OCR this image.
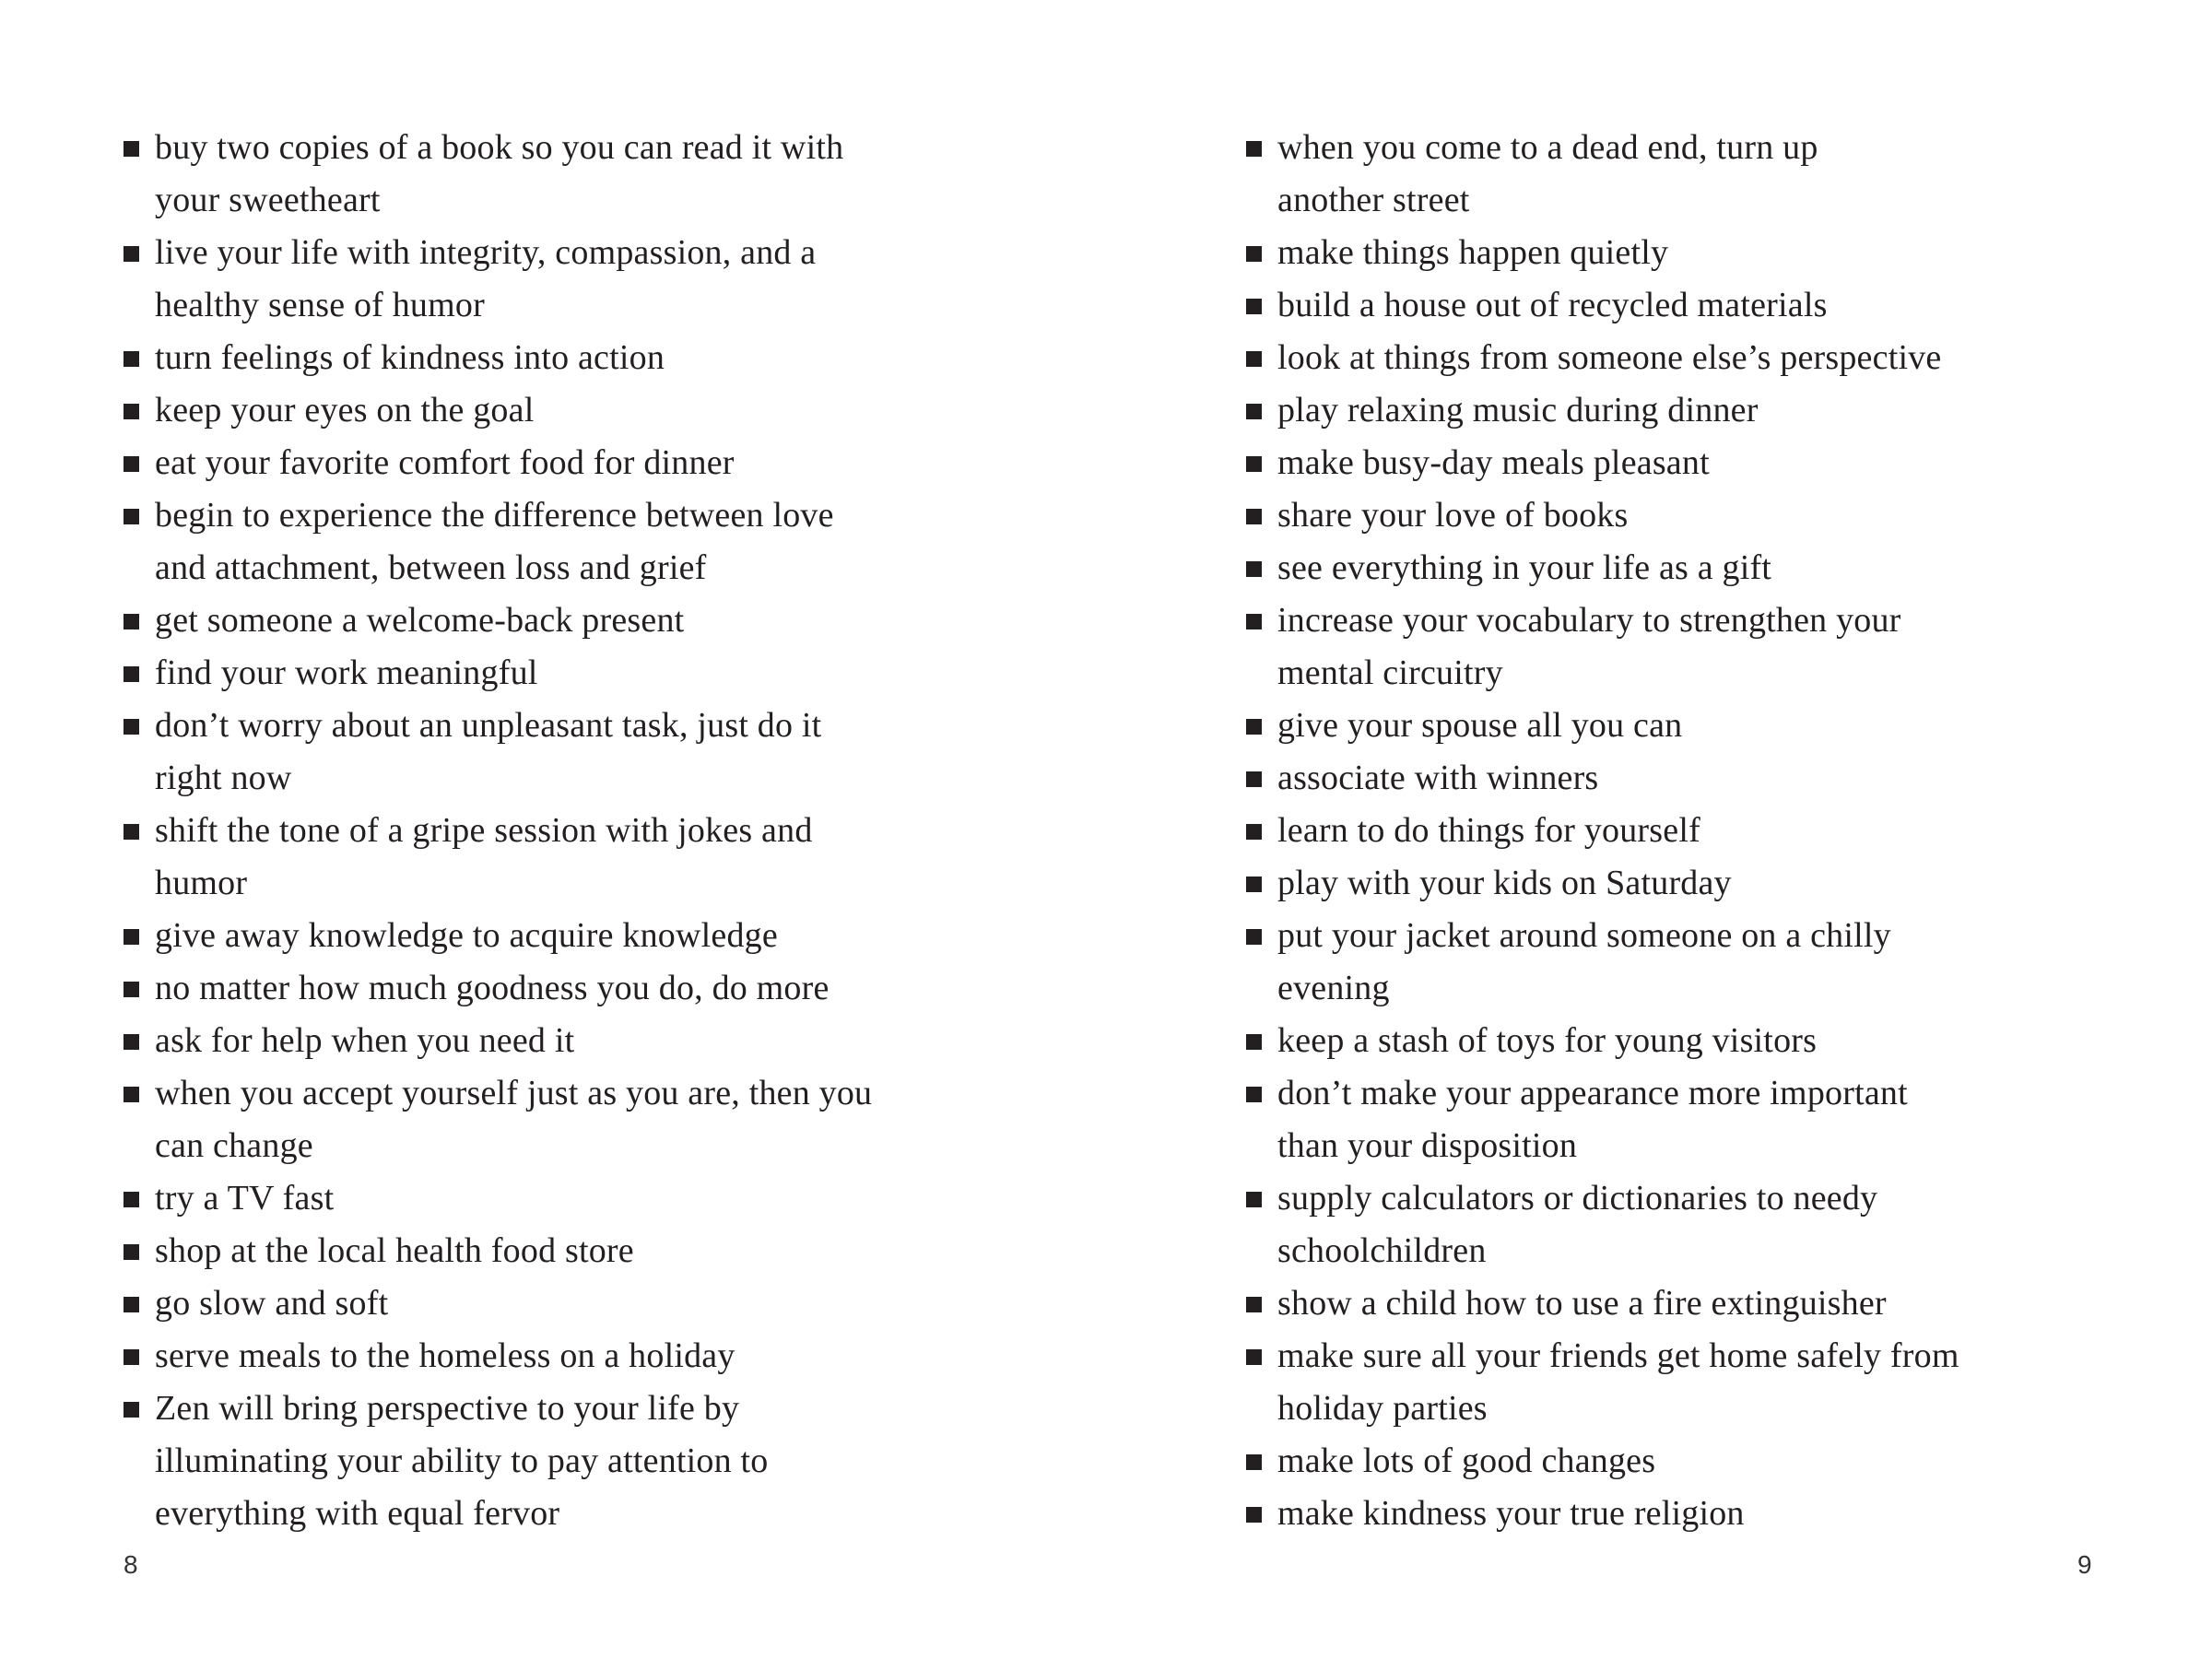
buy two copies of a book so you can read it with
your sweetheart
live your life with integrity, compassion, and a
healthy sense of humor
turn feelings of kindness into action
keep your eyes on the goal
eat your favorite comfort food for dinner
begin to experience the difference between love
and attachment, between loss and grief
get someone a welcome-back present
find your work meaningful
don’t worry about an unpleasant task, just do it
right now
shift the tone of a gripe session with jokes and
humor
give away knowledge to acquire knowledge
no matter how much goodness you do, do more
ask for help when you need it
when you accept yourself just as you are, then you
can change
try a TV fast
shop at the local health food store
go slow and soft
serve meals to the homeless on a holiday
Zen will bring perspective to your life by
illuminating your ability to pay attention to
everything with equal fervor
8
when you come to a dead end, turn up
another street
make things happen quietly
build a house out of recycled materials
look at things from someone else’s perspective
play relaxing music during dinner
make busy-day meals pleasant
share your love of books
see everything in your life as a gift
increase your vocabulary to strengthen your
mental circuitry
give your spouse all you can
associate with winners
learn to do things for yourself
play with your kids on Saturday
put your jacket around someone on a chilly
evening
keep a stash of toys for young visitors
don’t make your appearance more important
than your disposition
supply calculators or dictionaries to needy
schoolchildren
show a child how to use a fire extinguisher
make sure all your friends get home safely from
holiday parties
make lots of good changes
make kindness your true religion
9
